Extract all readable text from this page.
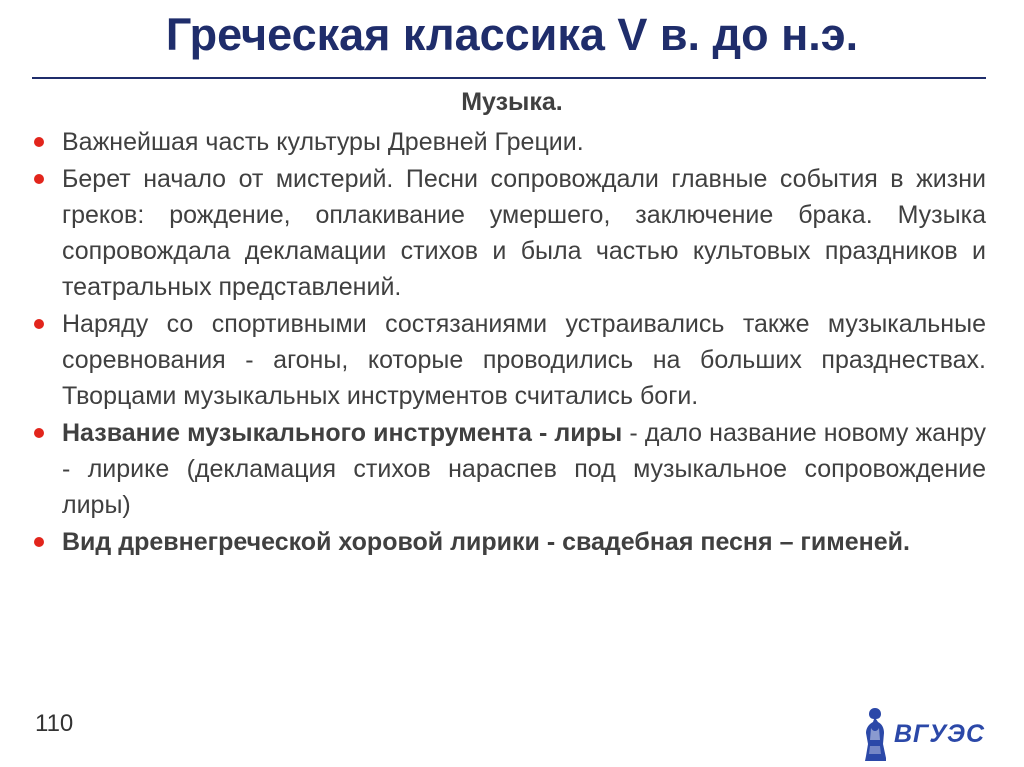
Греческая классика V в. до н.э.
Музыка.
Важнейшая часть культуры Древней Греции.
Берет начало от мистерий. Песни сопровождали главные события в жизни греков: рождение, оплакивание умершего, заключение брака. Музыка сопровождала декламации стихов и была частью культовых праздников и театральных представлений.
Наряду со спортивными состязаниями устраивались также музыкальные соревнования - агоны, которые проводились на больших празднествах. Творцами музыкальных инструментов считались боги.
Название музыкального инструмента - лиры - дало название новому жанру - лирике (декламация стихов нараспев под музыкальное сопровождение лиры)
Вид древнегреческой хоровой лирики - свадебная песня – гименей.
110	ВГУЭС
